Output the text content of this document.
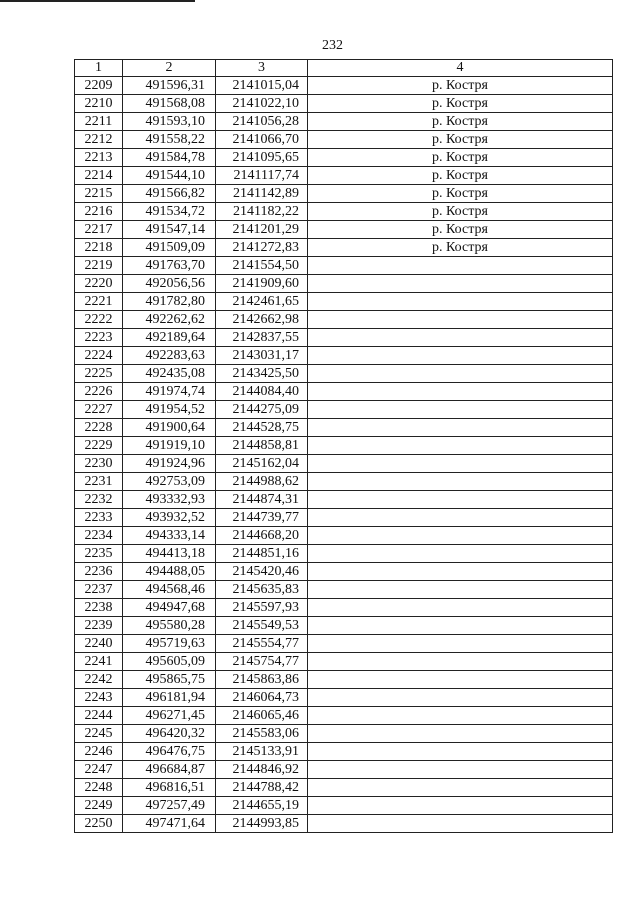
232
1	2	3	4
2209	491596,31	2141015,04	р. Костря
2210	491568,08	2141022,10	р. Костря
2211	491593,10	2141056,28	р. Костря
2212	491558,22	2141066,70	р. Костря
2213	491584,78	2141095,65	р. Костря
2214	491544,10	2141117,74	р. Костря
2215	491566,82	2141142,89	р. Костря
2216	491534,72	2141182,22	р. Костря
2217	491547,14	2141201,29	р. Костря
2218	491509,09	2141272,83	р. Костря
2219	491763,70	2141554,50	
2220	492056,56	2141909,60	
2221	491782,80	2142461,65	
2222	492262,62	2142662,98	
2223	492189,64	2142837,55	
2224	492283,63	2143031,17	
2225	492435,08	2143425,50	
2226	491974,74	2144084,40	
2227	491954,52	2144275,09	
2228	491900,64	2144528,75	
2229	491919,10	2144858,81	
2230	491924,96	2145162,04	
2231	492753,09	2144988,62	
2232	493332,93	2144874,31	
2233	493932,52	2144739,77	
2234	494333,14	2144668,20	
2235	494413,18	2144851,16	
2236	494488,05	2145420,46	
2237	494568,46	2145635,83	
2238	494947,68	2145597,93	
2239	495580,28	2145549,53	
2240	495719,63	2145554,77	
2241	495605,09	2145754,77	
2242	495865,75	2145863,86	
2243	496181,94	2146064,73	
2244	496271,45	2146065,46	
2245	496420,32	2145583,06	
2246	496476,75	2145133,91	
2247	496684,87	2144846,92	
2248	496816,51	2144788,42	
2249	497257,49	2144655,19	
2250	497471,64	2144993,85	
